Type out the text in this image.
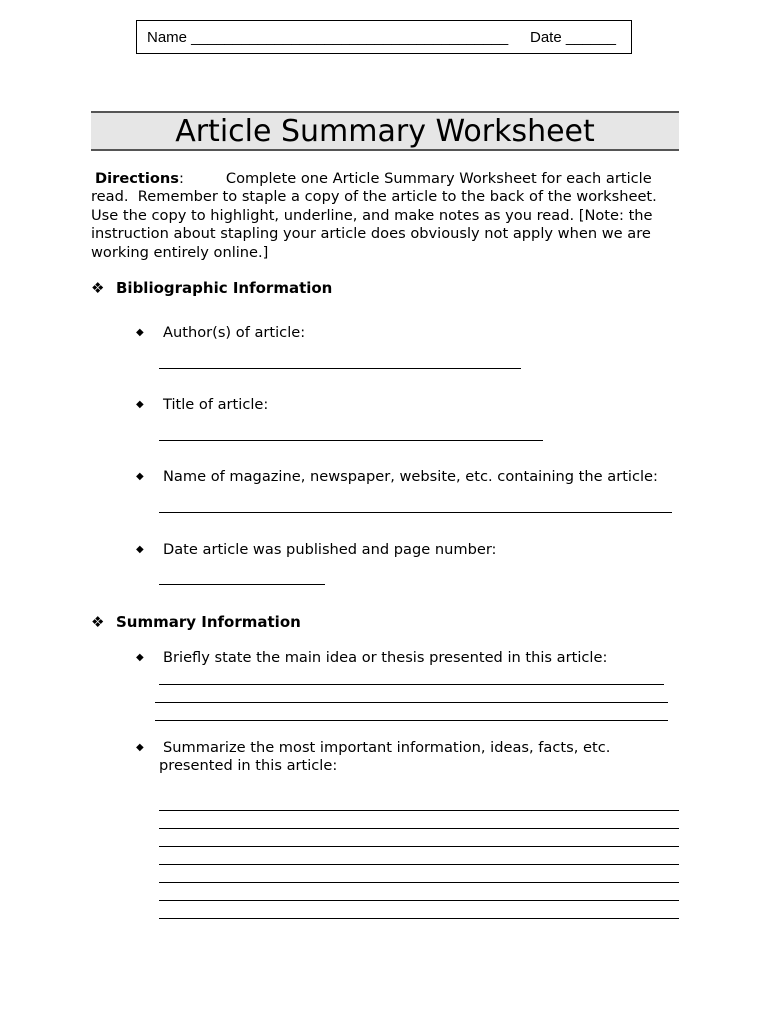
Name ______________________________________ Date ______
Article Summary Worksheet
Directions:	Complete one Article Summary Worksheet for each article
read.  Remember to staple a copy of the article to the back of the worksheet.
Use the copy to highlight, underline, and make notes as you read. [Note: the
instruction about stapling your article does obviously not apply when we are
working entirely online.]
❖ Bibliographic Information
◆ Author(s) of article:
◆ Title of article:
◆ Name of magazine, newspaper, website, etc. containing the article:
◆ Date article was published and page number:
❖ Summary Information
◆ Briefly state the main idea or thesis presented in this article:
◆ Summarize the most important information, ideas, facts, etc.
presented in this article:
